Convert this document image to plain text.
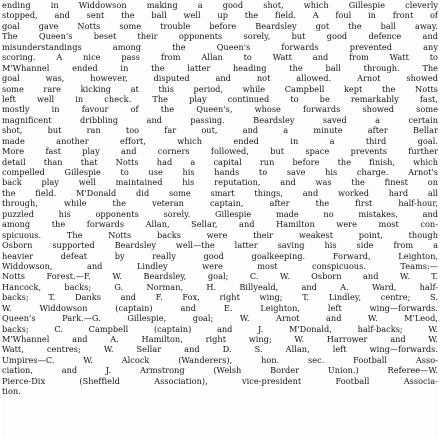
ending in Widdowson making a good shot, which Gillespie cleverly
stopped, and sent the ball well up the field. A foul in front of
goal gave Notts some trouble before Beardsley got the ball away.
The Queen's beset their opponents sorely, but good defence and
misunderstandings among the Queen's forwards prevented any
scoring. A nice pass from Allan to Watt and from Watt to
M'Whannel ended in the latter heading the ball through. The
goal was, however, disputed and not allowed. Arnot showed
some rare kicking at this period, while Campbell kept the Notts
left well in check. The play continued to be remarkably fast,
mostly in favour of the Queen's, whose forwards showed some
magnificent dribbling and passing. Beardsley saved a certain
shot, but ran too far out, and a minute after Bellar
made another effort, which ended in a third goal.
More fast play and corners followed, but space prevents further
detail than that Notts had a capital run before the finish, which
compelled Gillespie to use his hands to save his charge. Arnot's
back play well maintained his reputation, and was the finest on
the field. M'Donald did some smart things, and worked hard all
through, while the veteran captain, after the first half-hour,
puzzled his opponents sorely. Gillespie made no mistakes, and
among the forwards Allan, Sellar, and Hamilton were most con-
spicuous. The Notts backs were their weakest point, though
Osborn supported Beardsley well—the latter saving his side from a
heavier defeat by really good goalkeeping. Forward, Leighton,
Widdowson, and Lindley were most conspicuous. Teams:—
Notts Forest.—F. W. Beardsley, goal; C. W. Osborn and W. T.
Hancock, backs; G. Norman, H. Billyeald, and A. Ward, half-
backs; T. Danks and F. Fox, right wing; T. Lindley, centre; S.
W. Widdowson (captain) and E. Leighton, left wing—forwards.
Queen's Park.—G. Gillespie, goal; W. Arnot and W. M'Leod,
backs; C. Campbell (captain) and J. M'Donald, half-backs; W.
M'Whannel and A. Hamilton, right wing; W. Harrower and W.
Watt, centres; W. Sellar and D. S. Allan, left wing—forwards.
Umpires—C. W. Alcock (Wanderers), hon. sec. Football Asso-
ciation, and J. Armstrong (Welsh Border Union.) Referee—W.
Pierce-Dix (Sheffield Association), vice-president Football Associa-
tion.
